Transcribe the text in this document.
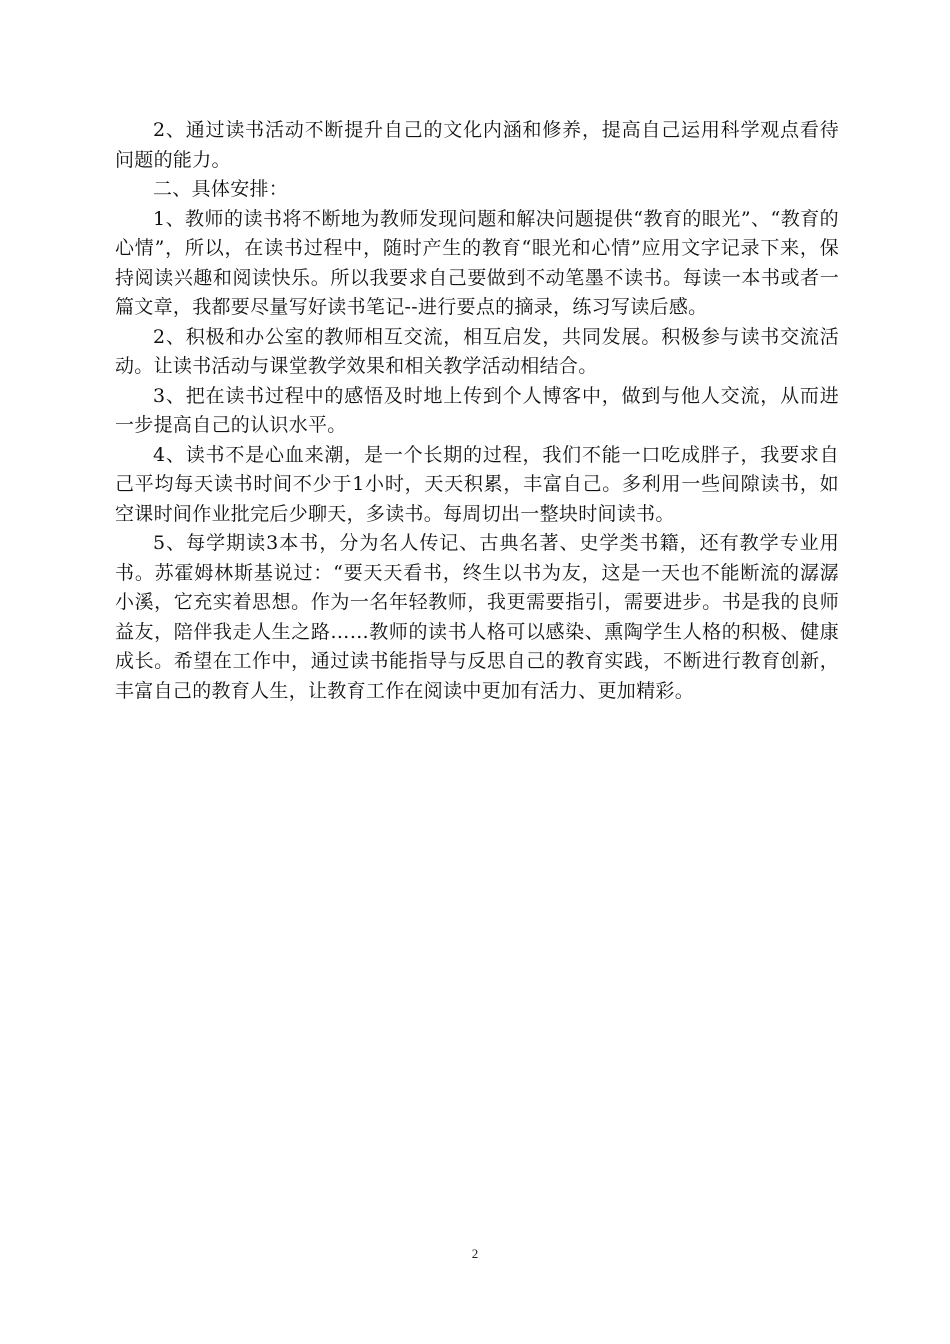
2、通过读书活动不断提升自己的文化内涵和修养，提高自己运用科学观点看待问题的能力。

二、具体安排：

1、教师的读书将不断地为教师发现问题和解决问题提供“教育的眼光”、“教育的心情”，所以，在读书过程中，随时产生的教育“眼光和心情”应用文字记录下来，保持阅读兴趣和阅读快乐。所以我要求自己要做到不动笔墨不读书。每读一本书或者一篇文章，我都要尽量写好读书笔记--进行要点的摘录，练习写读后感。

2、积极和办公室的教师相互交流，相互启发，共同发展。积极参与读书交流活动。让读书活动与课堂教学效果和相关教学活动相结合。

3、把在读书过程中的感悟及时地上传到个人博客中，做到与他人交流，从而进一步提高自己的认识水平。

4、读书不是心血来潮，是一个长期的过程，我们不能一口吃成胖子，我要求自己平均每天读书时间不少于1小时，天天积累，丰富自己。多利用一些间隙读书，如空课时间作业批完后少聊天，多读书。每周切出一整块时间读书。

5、每学期读3本书，分为名人传记、古典名著、史学类书籍，还有教学专业用书。苏霍姆林斯基说过：“要天天看书，终生以书为友，这是一天也不能断流的潺潺小溪，它充实着思想。作为一名年轻教师，我更需要指引，需要进步。书是我的良师益友，陪伴我走人生之路……教师的读书人格可以感染、熏陶学生人格的积极、健康成长。希望在工作中，通过读书能指导与反思自己的教育实践，不断进行教育创新，丰富自己的教育人生，让教育工作在阅读中更加有活力、更加精彩。

2
